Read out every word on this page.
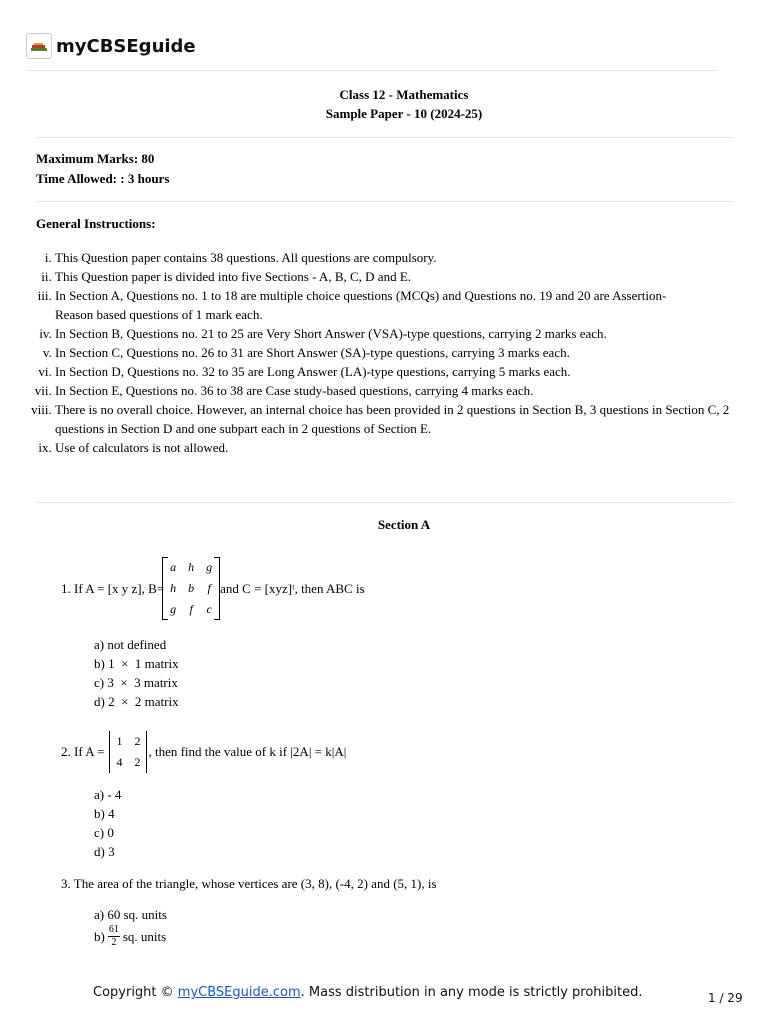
myCBSEguide
Class 12 - Mathematics
Sample Paper - 10 (2024-25)
Maximum Marks: 80
Time Allowed: : 3 hours
General Instructions:
i. This Question paper contains 38 questions. All questions are compulsory.
ii. This Question paper is divided into five Sections - A, B, C, D and E.
iii. In Section A, Questions no. 1 to 18 are multiple choice questions (MCQs) and Questions no. 19 and 20 are Assertion-Reason based questions of 1 mark each.
iv. In Section B, Questions no. 21 to 25 are Very Short Answer (VSA)-type questions, carrying 2 marks each.
v. In Section C, Questions no. 26 to 31 are Short Answer (SA)-type questions, carrying 3 marks each.
vi. In Section D, Questions no. 32 to 35 are Long Answer (LA)-type questions, carrying 5 marks each.
vii. In Section E, Questions no. 36 to 38 are Case study-based questions, carrying 4 marks each.
viii. There is no overall choice. However, an internal choice has been provided in 2 questions in Section B, 3 questions in Section C, 2 questions in Section D and one subpart each in 2 questions of Section E.
ix. Use of calculators is not allowed.
Section A
1. If A = [x y z], B=
a	h	g
h	b	f
g	f	c
and C = [xyz]ᵗ, then ABC is
a) not defined
b) 1  ×  1 matrix
c) 3  ×  3 matrix
d) 2  ×  2 matrix
2. If A =
1	2
4	2
, then find the value of k if |2A| = k|A|
a) - 4
b) 4
c) 0
d) 3
3. The area of the triangle, whose vertices are (3, 8), (-4, 2) and (5, 1), is
a) 60 sq. units
$b) \frac{61}{2}$ sq. units
Copyright © myCBSEguide.com. Mass distribution in any mode is strictly prohibited.	1 / 29
